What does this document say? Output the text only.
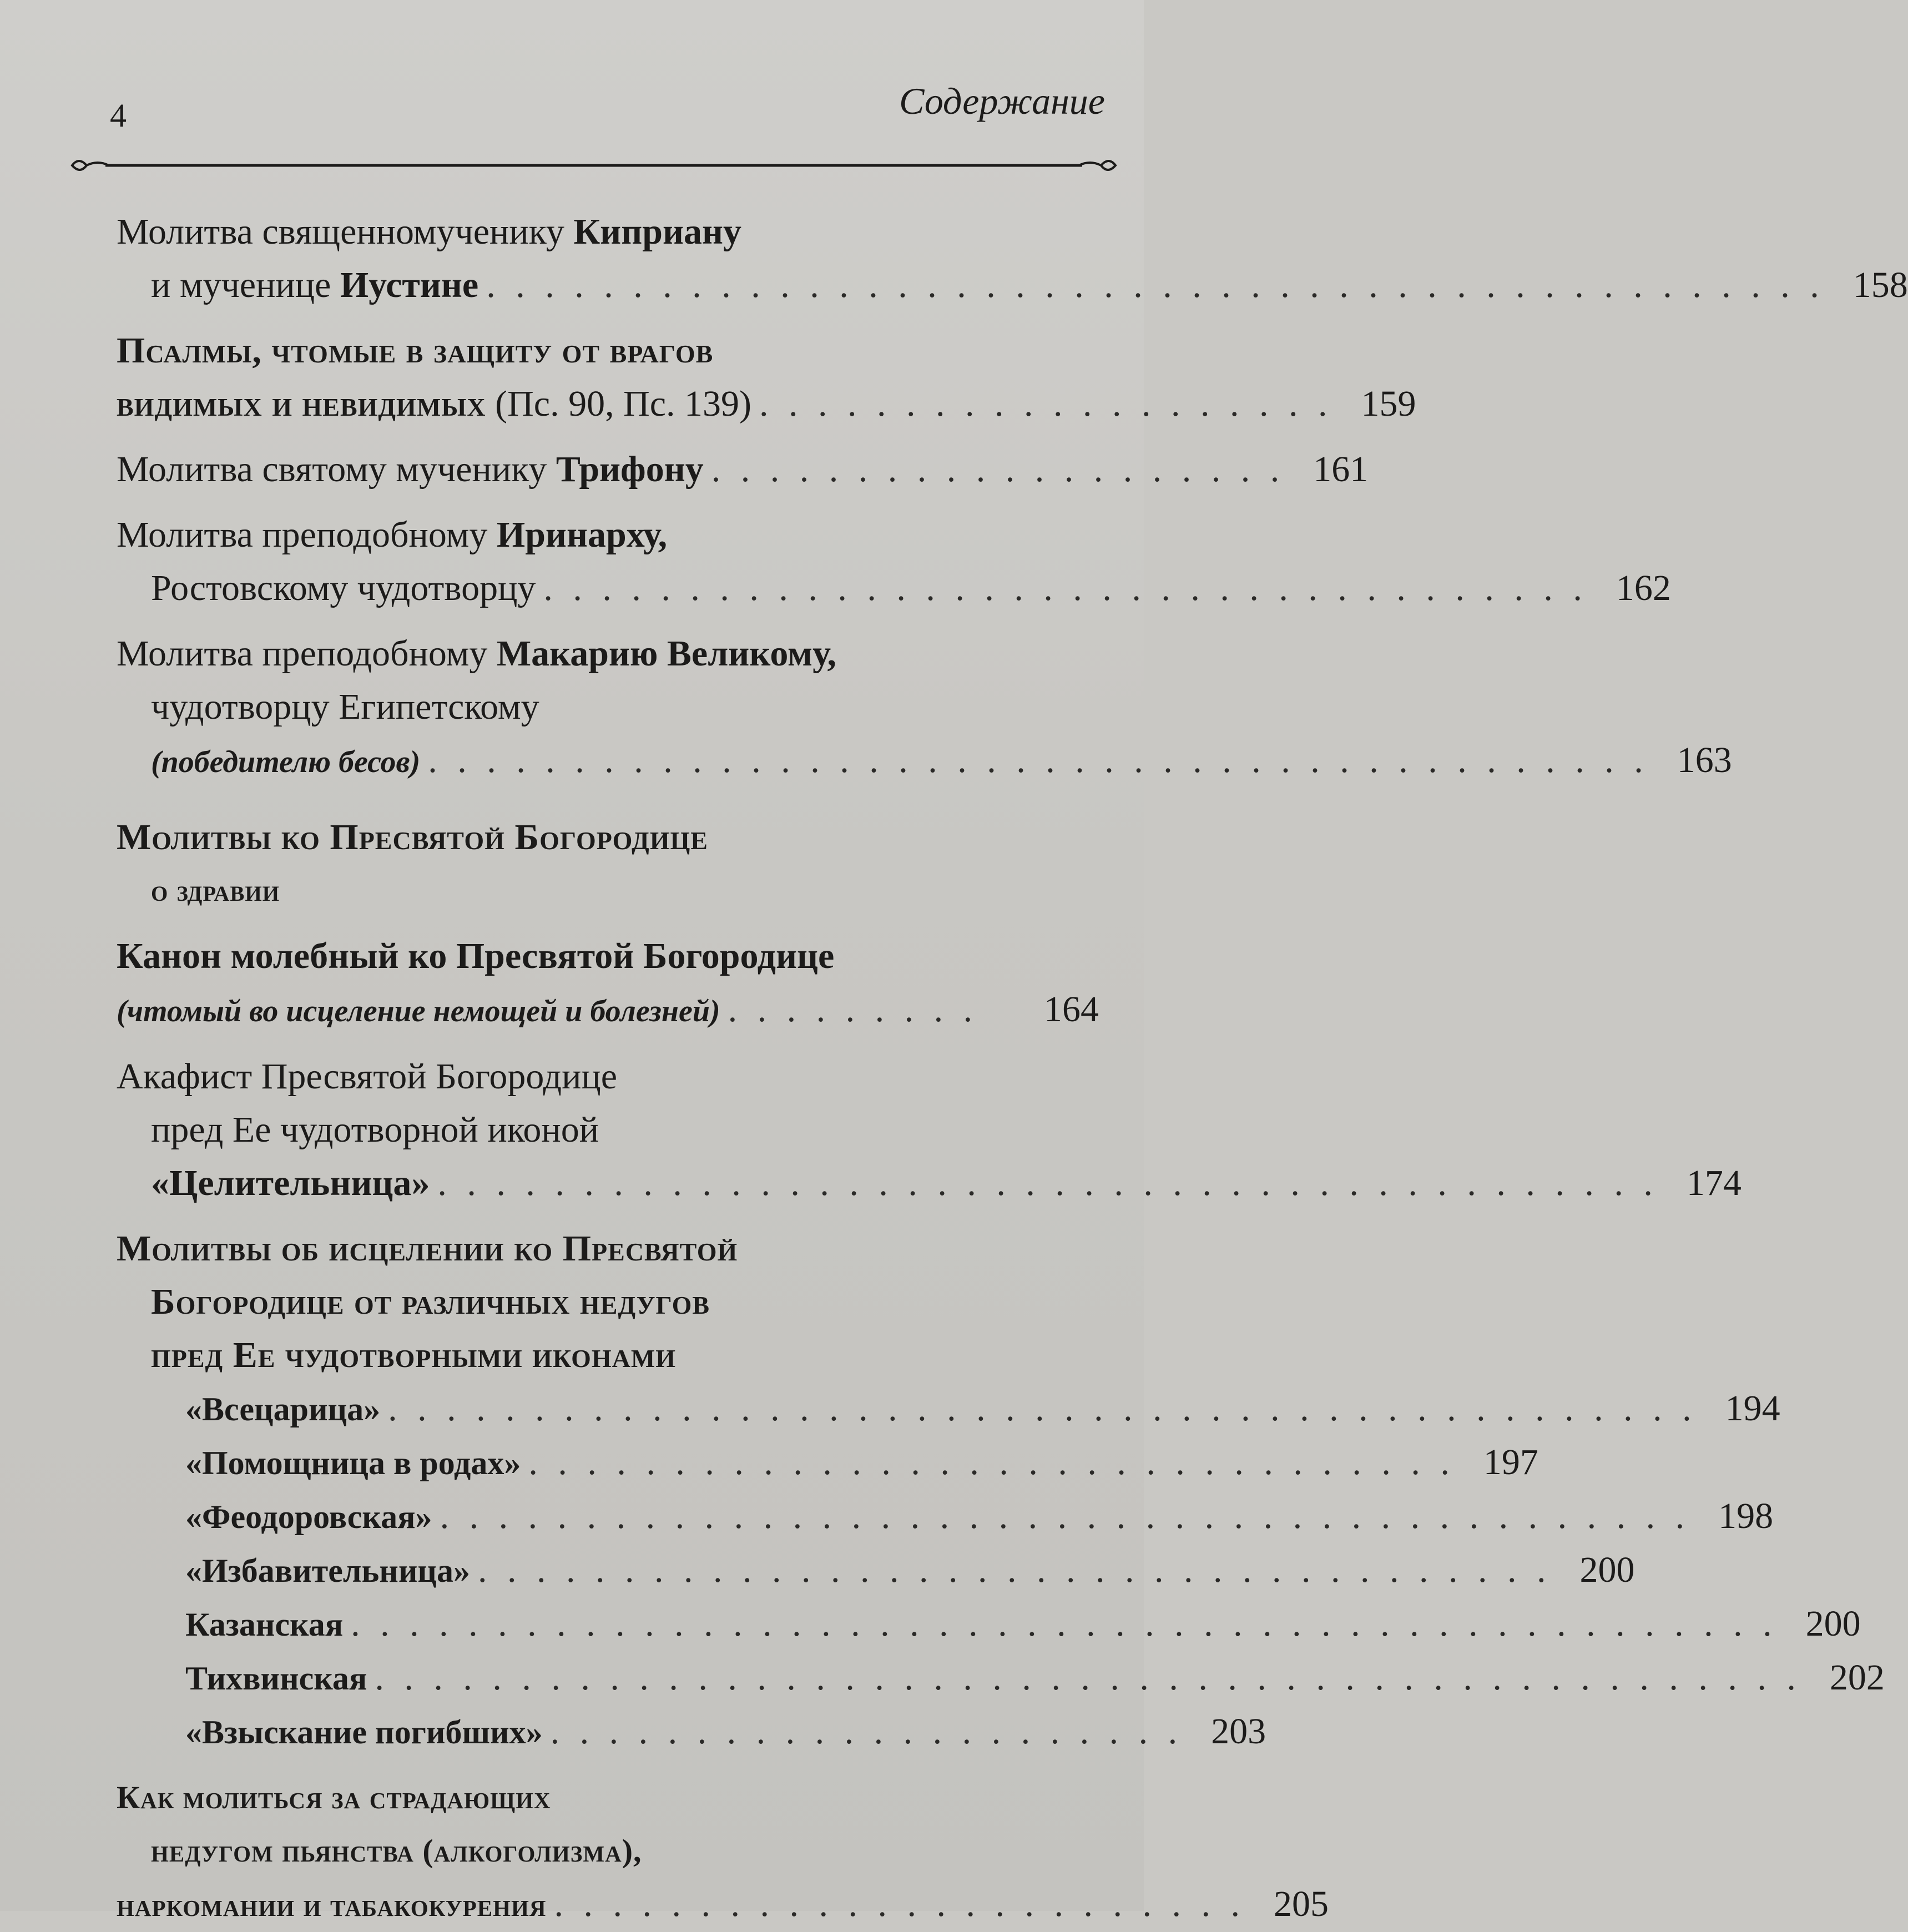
4	Содержание
Молитва священномученику Киприану
и мученице Иустине . . . . . . . . . . . . . . . . . . . . . . . . . . . . . . . . . . . . . . . . . . . . . . 158
Псалмы, чтомые в защиту от врагов
видимых и невидимых (Пс. 90, Пс. 139) . . . . . . . . . . . . . . . . . . . . 159
Молитва святому мученику Трифону . . . . . . . . . . . . . . . . . . . . 161
Молитва преподобному Иринарху,
Ростовскому чудотворцу . . . . . . . . . . . . . . . . . . . . . . . . . . . . . . . . . . . . 162
Молитва преподобному Макарию Великому,
чудотворцу Египетскому
(победителю бесов) . . . . . . . . . . . . . . . . . . . . . . . . . . . . . . . . . . . . . . . . . . 163
Молитвы ко Пресвятой Богородице
о здравии
Канон молебный ко Пресвятой Богородице
(чтомый во исцеление немощей и болезней) . . . . . . . . .	164
Акафист Пресвятой Богородице
пред Ее чудотворной иконой
«Целительница» . . . . . . . . . . . . . . . . . . . . . . . . . . . . . . . . . . . . . . . . . . 174
Молитвы об исцелении ко Пресвятой
Богородице от различных недугов
пред Ее чудотворными иконами
«Всецарица» . . . . . . . . . . . . . . . . . . . . . . . . . . . . . . . . . . . . . . . . . . . . . 194
«Помощница в родах» . . . . . . . . . . . . . . . . . . . . . . . . . . . . . . . . 197
«Феодоровская» . . . . . . . . . . . . . . . . . . . . . . . . . . . . . . . . . . . . . . . . . . . 198
«Избавительница» . . . . . . . . . . . . . . . . . . . . . . . . . . . . . . . . . . . . . 200
Казанская . . . . . . . . . . . . . . . . . . . . . . . . . . . . . . . . . . . . . . . . . . . . . . . . . 200
Тихвинская . . . . . . . . . . . . . . . . . . . . . . . . . . . . . . . . . . . . . . . . . . . . . . . . . 202
«Взыскание погибших» . . . . . . . . . . . . . . . . . . . . . . 203
Как молиться за страдающих
недугом пьянства (алкоголизма),
наркомании и табакокурения . . . . . . . . . . . . . . . . . . . . . . . . 205
